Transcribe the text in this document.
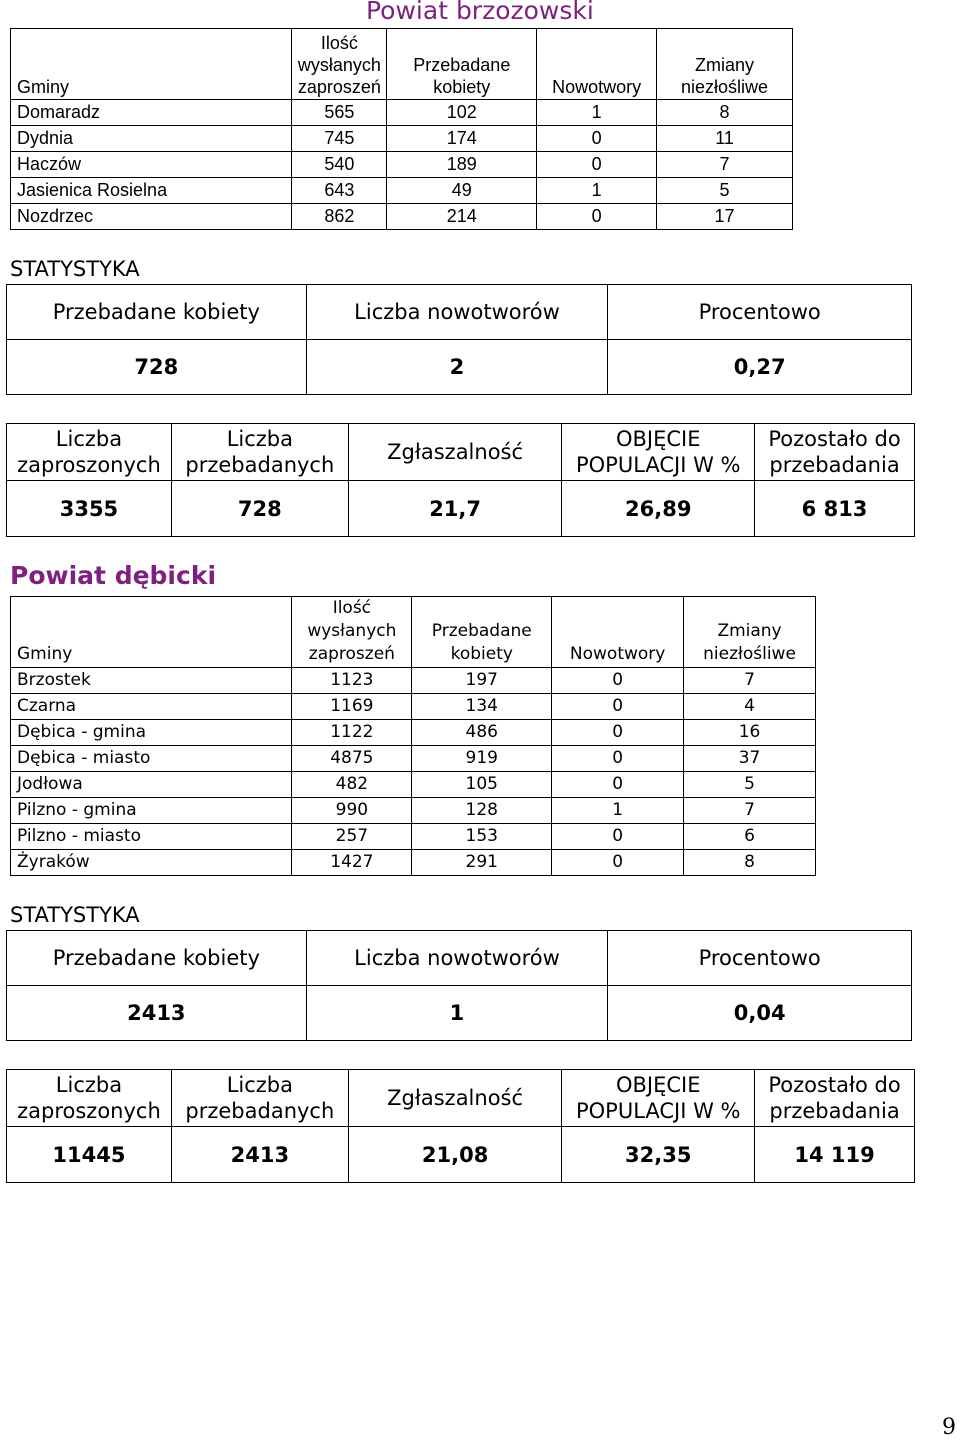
Powiat brzozowski
Gminy	Ilość wysłanych zaproszeń	Przebadane kobiety	Nowotwory	Zmiany niezłośliwe
Domaradz	565	102	1	8
Dydnia	745	174	0	11
Haczów	540	189	0	7
Jasienica Rosielna	643	49	1	5
Nozdrzec	862	214	0	17
STATYSTYKA
Przebadane kobiety	Liczba nowotworów	Procentowo
728	2	0,27
Liczba zaproszonych	Liczba przebadanych	Zgłaszalność	OBJĘCIE POPULACJI W %	Pozostało do przebadania
3355	728	21,7	26,89	6 813
Powiat dębicki
Gminy	Ilość wysłanych zaproszeń	Przebadane kobiety	Nowotwory	Zmiany niezłośliwe
Brzostek	1123	197	0	7
Czarna	1169	134	0	4
Dębica - gmina	1122	486	0	16
Dębica - miasto	4875	919	0	37
Jodłowa	482	105	0	5
Pilzno - gmina	990	128	1	7
Pilzno - miasto	257	153	0	6
Żyraków	1427	291	0	8
STATYSTYKA
Przebadane kobiety	Liczba nowotworów	Procentowo
2413	1	0,04
Liczba zaproszonych	Liczba przebadanych	Zgłaszalność	OBJĘCIE POPULACJI W %	Pozostało do przebadania
11445	2413	21,08	32,35	14 119
9
